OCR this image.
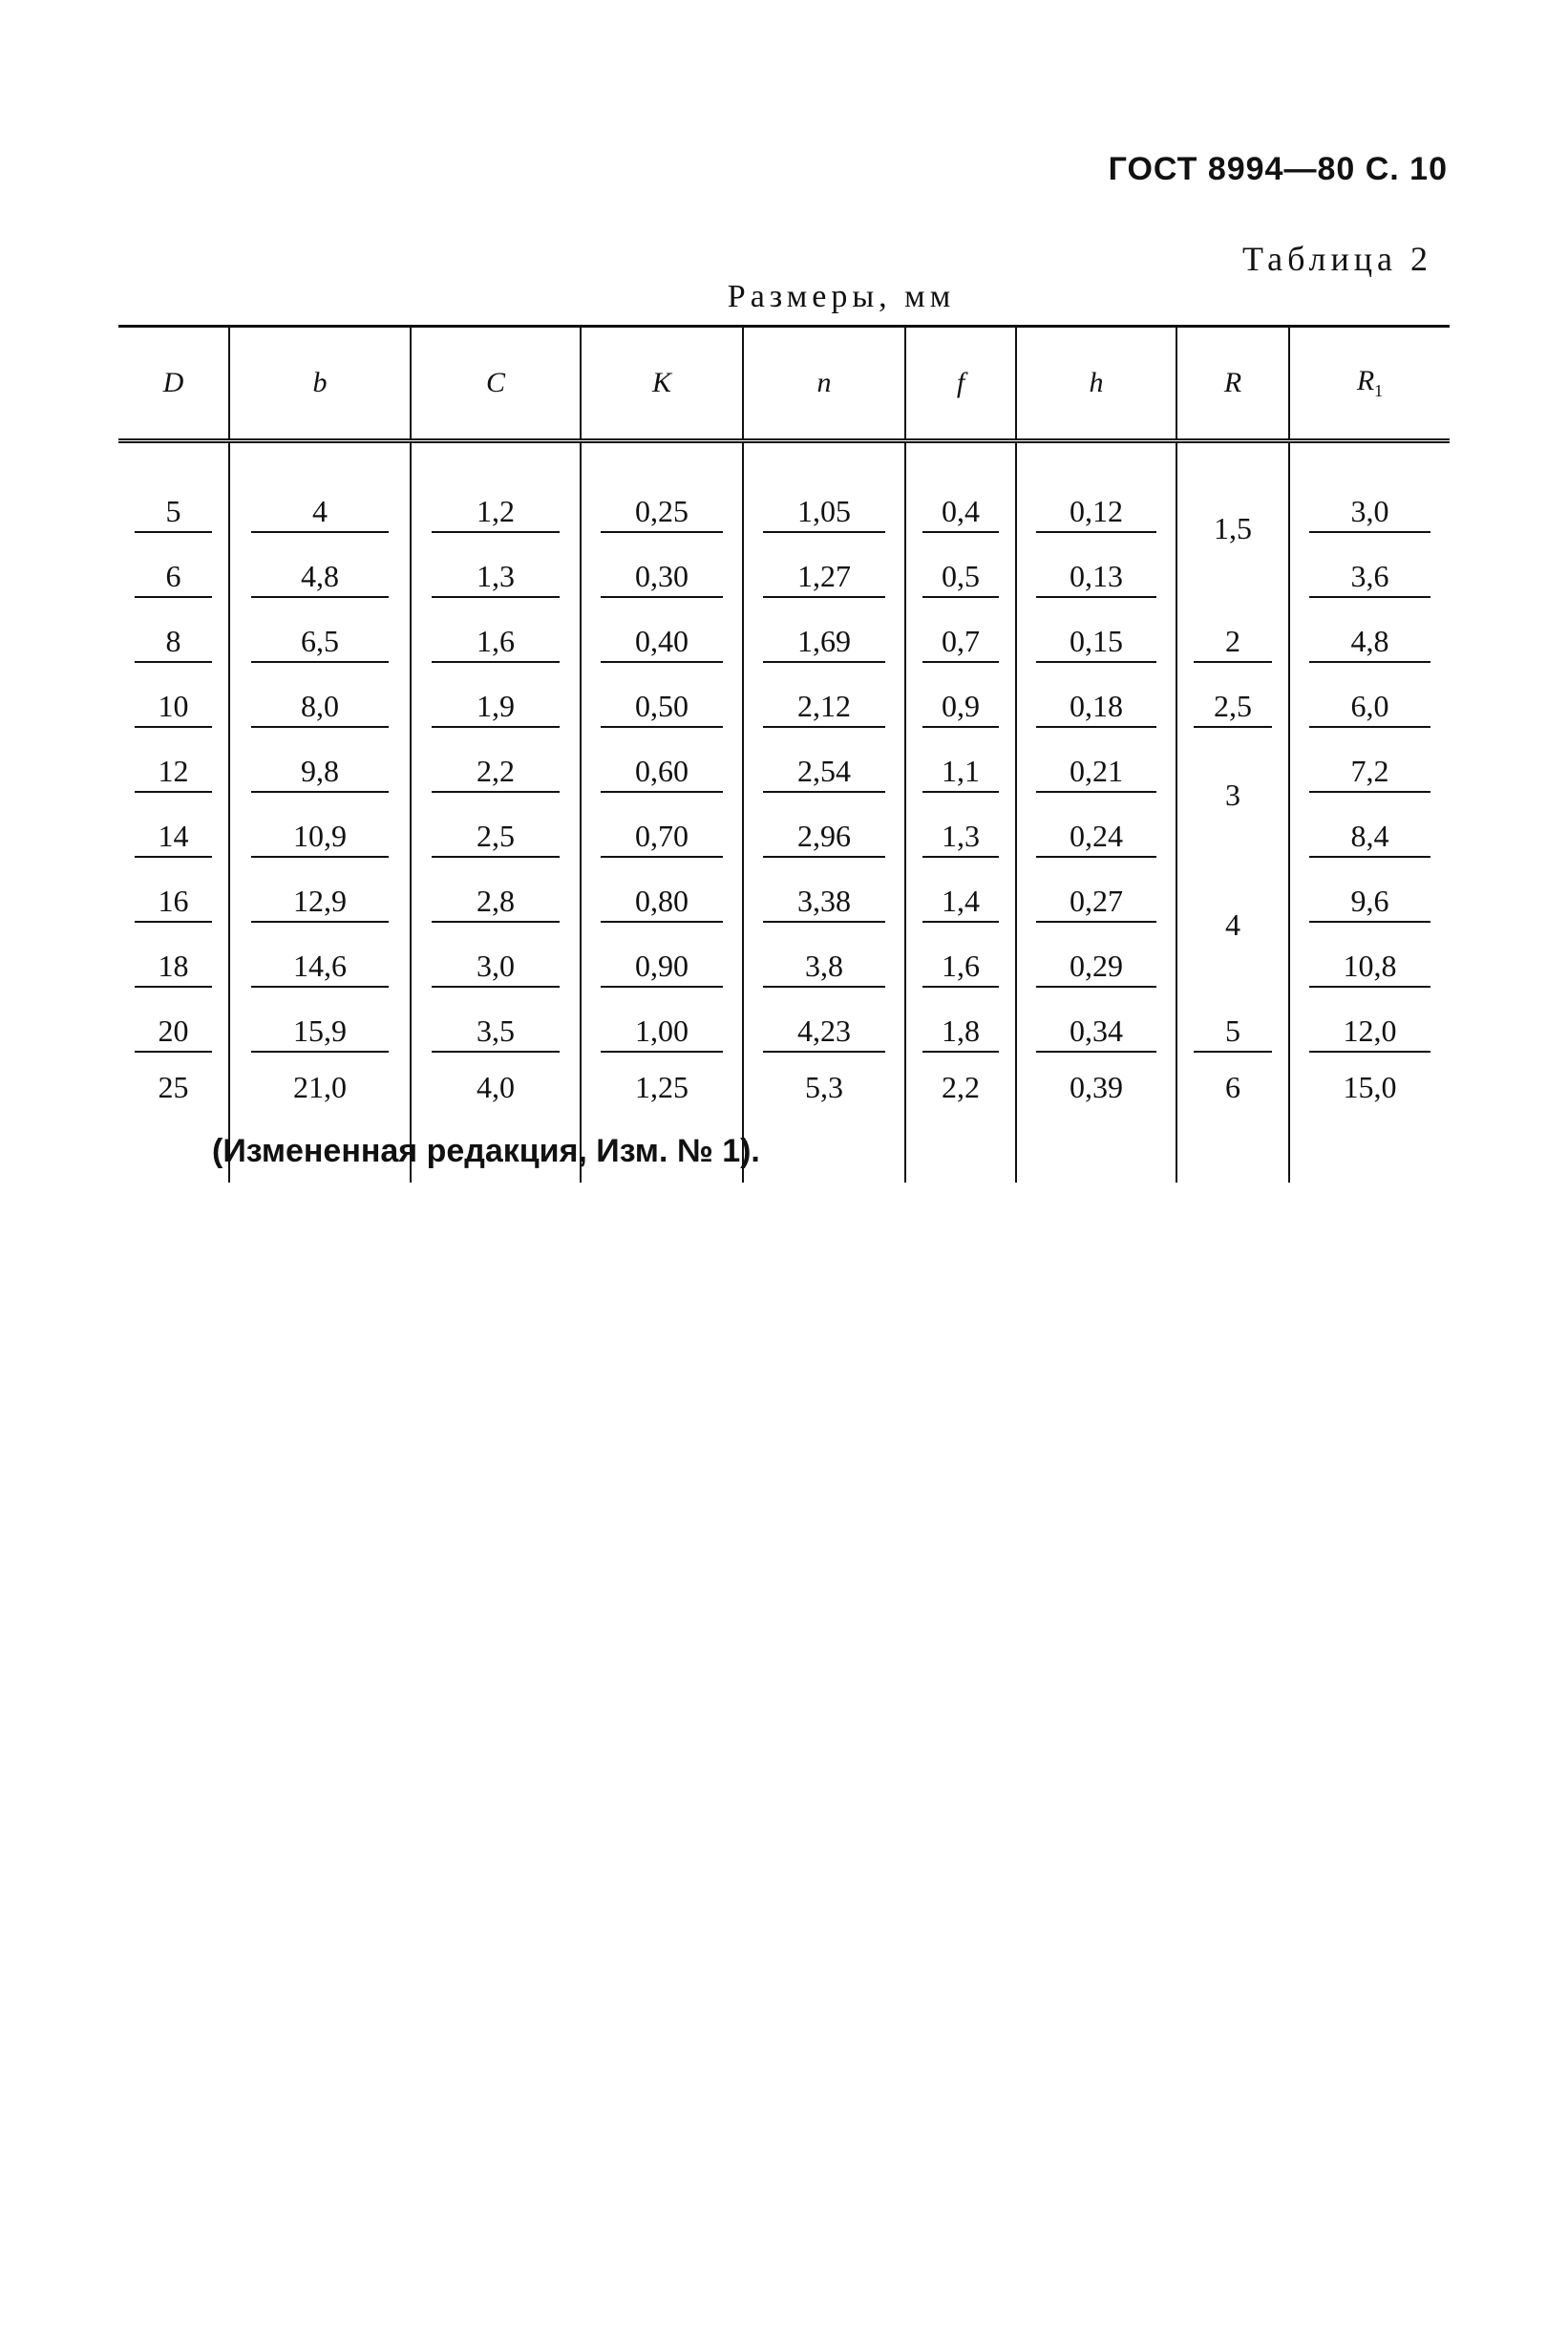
ГОСТ 8994—80 С. 10
Таблица 2
Размеры, мм
D	b	C	K	n	f	h	R	$R_1$
5	4	1,2	0,25	1,05	0,4	0,12	1,5	3,0
6	4,8	1,3	0,30	1,27	0,5	0,13		3,6
8	6,5	1,6	0,40	1,69	0,7	0,15	2	4,8
10	8,0	1,9	0,50	2,12	0,9	0,18	2,5	6,0
12	9,8	2,2	0,60	2,54	1,1	0,21	3	7,2
14	10,9	2,5	0,70	2,96	1,3	0,24		8,4
16	12,9	2,8	0,80	3,38	1,4	0,27	4	9,6
18	14,6	3,0	0,90	3,8	1,6	0,29		10,8
20	15,9	3,5	1,00	4,23	1,8	0,34	5	12,0
25	21,0	4,0	1,25	5,3	2,2	0,39	6	15,0
(Измененная редакция, Изм. № 1).
